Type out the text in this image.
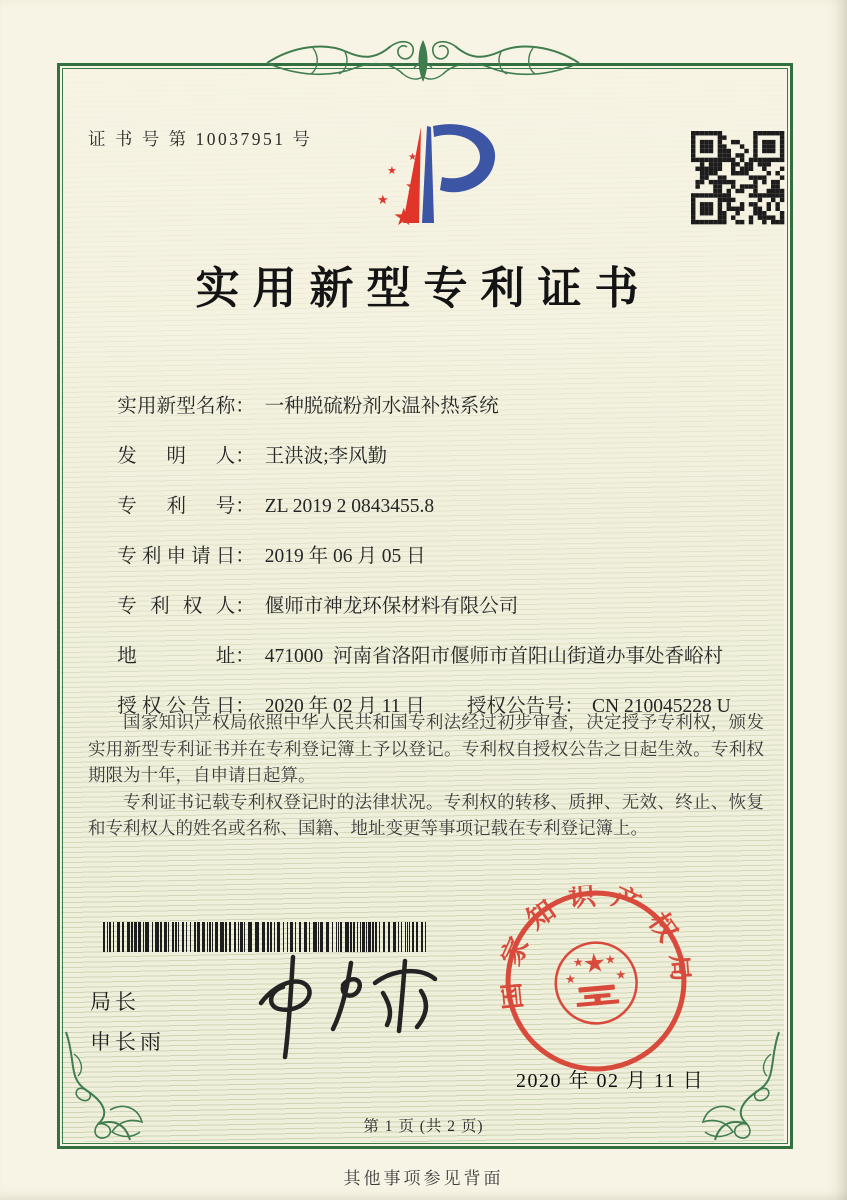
证 书 号 第 10037951 号
★
★
★
★
★
实用新型专利证书

实用新型名称： 一种脱硫粉剂水温补热系统

发明人： 王洪波;李风勤

专利号： ZL 2019 2 0843455.8

专利申请日： 2019 年 06 月 05 日

专利权人： 偃师市神龙环保材料有限公司

地址： 471000  河南省洛阳市偃师市首阳山街道办事处香峪村

授权公告日： 2020 年 02 月 11 日
	授权公告号： CN 210045228 U

国家知识产权局依照中华人民共和国专利法经过初步审查，决定授予专利权，颁发实用新型专利证书并在专利登记簿上予以登记。专利权自授权公告之日起生效。专利权期限为十年，自申请日起算。

专利证书记载专利权登记时的法律状况。专利权的转移、质押、无效、终止、恢复和专利权人的姓名或名称、国籍、地址变更等事项记载在专利登记簿上。

局长
申长雨
国家知识产权局
★
★
★ ★
★
2020 年 02 月 11 日
第 1 页 (共 2 页)
其他事项参见背面
